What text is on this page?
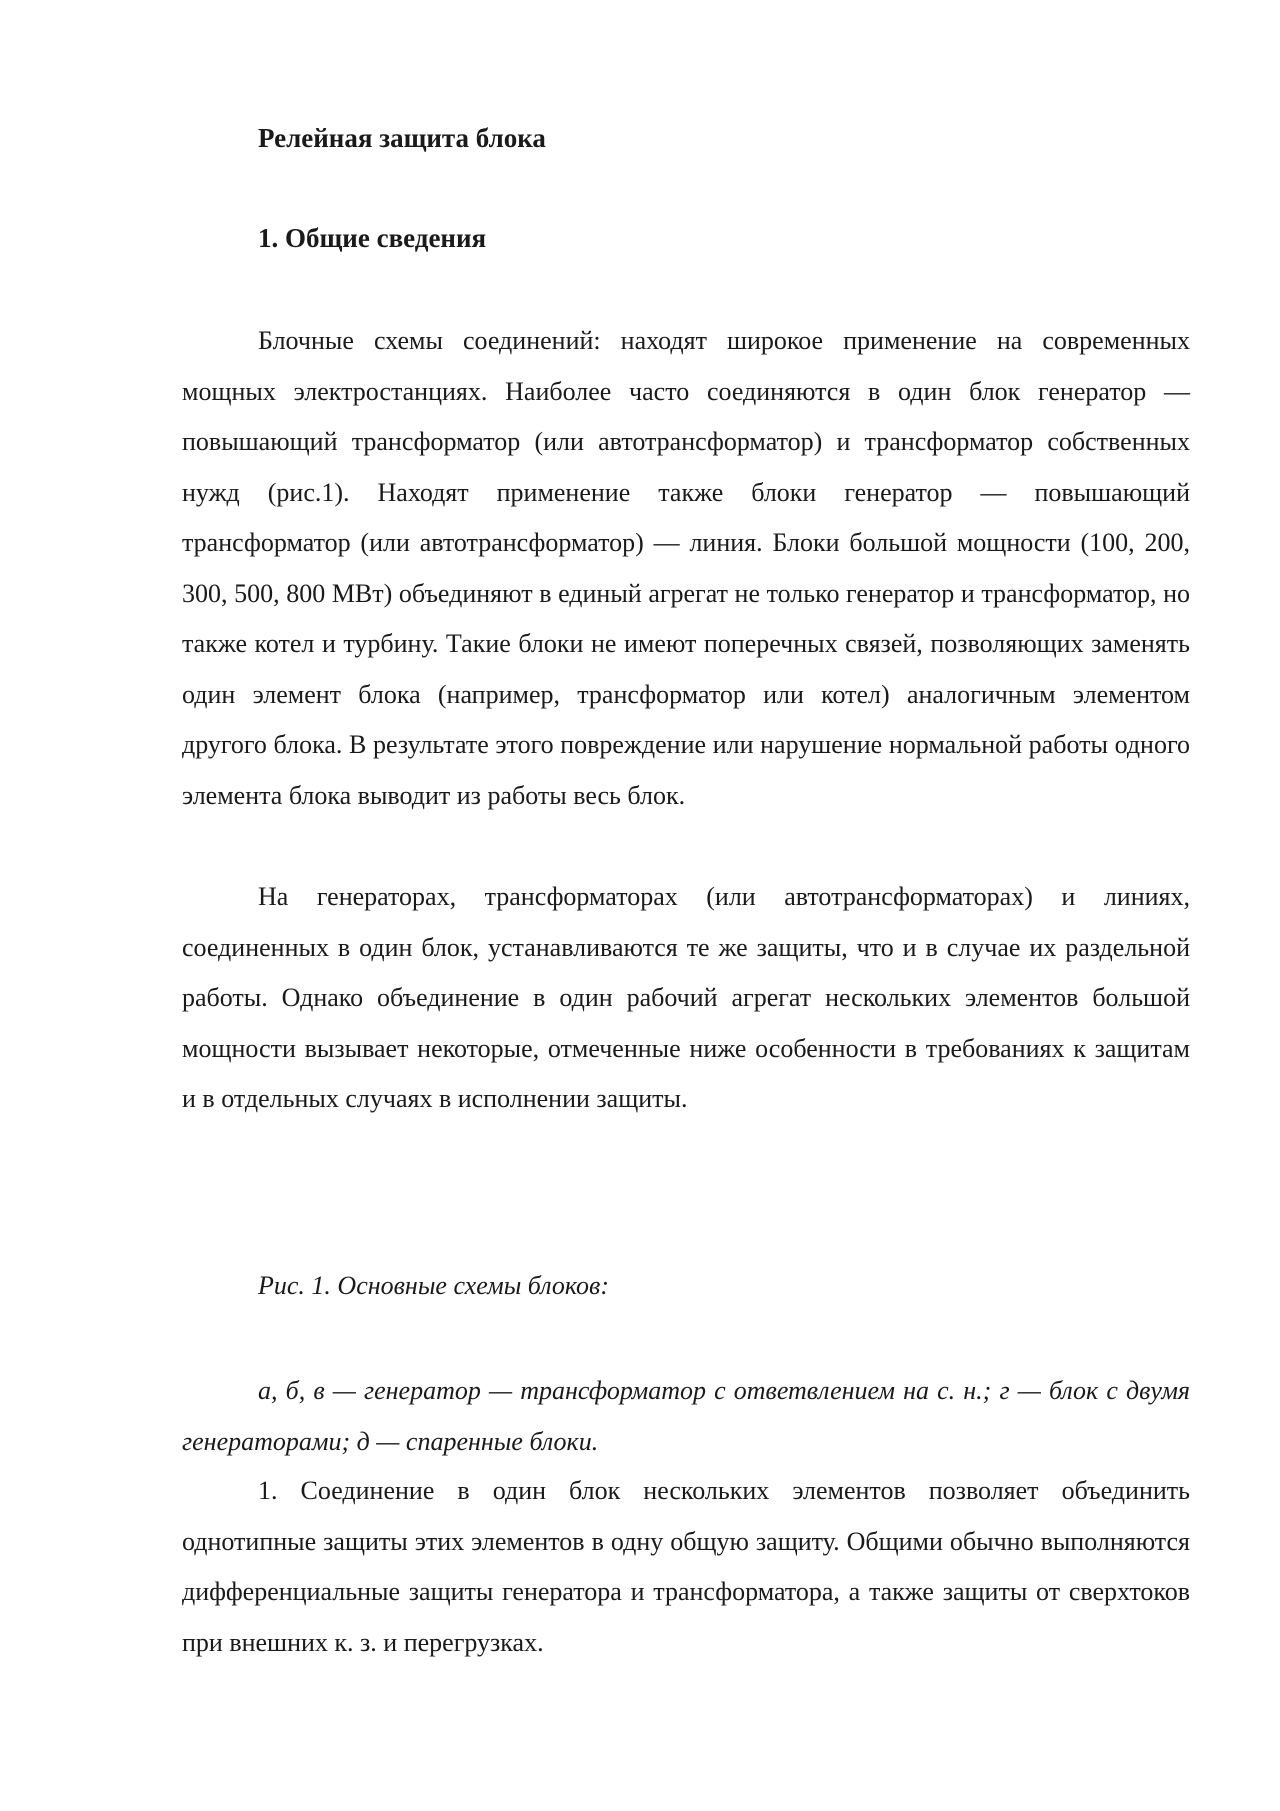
Релейная защита блока
1. Общие сведения

Блочные схемы соединений: находят широкое применение на современных мощных электростанциях. Наиболее часто соединяются в один блок генератор — повышающий трансформатор (или автотрансформатор) и трансформатор собственных нужд (рис.1). Находят применение также блоки генератор — повышающий трансформатор (или автотрансформатор) — линия. Блоки большой мощности (100, 200, 300, 500, 800 МВт) объединяют в единый агрегат не только генератор и трансформатор, но также котел и турбину. Такие блоки не имеют поперечных связей, позволяющих заменять один элемент блока (например, трансформатор или котел) аналогичным элементом другого блока. В результате этого повреждение или нарушение нормальной работы одного элемента блока выводит из работы весь блок.

На генераторах, трансформаторах (или автотрансформаторах) и линиях, соединенных в один блок, устанавливаются те же защиты, что и в случае их раздельной работы. Однако объединение в один рабочий агрегат нескольких элементов большой мощности вызывает некоторые, отмеченные ниже особенности в требованиях к защитам и в отдельных случаях в исполнении защиты.

Рис. 1. Основные схемы блоков:

а, б, в — генератор — трансформатор с ответвлением на с. н.; г — блок с двумя генераторами; д — спаренные блоки.

1. Соединение в один блок нескольких элементов позволяет объединить однотипные защиты этих элементов в одну общую защиту. Общими обычно выполняются дифференциальные защиты генератора и трансформатора, а также защиты от сверхтоков при внешних к. з. и перегрузках.
